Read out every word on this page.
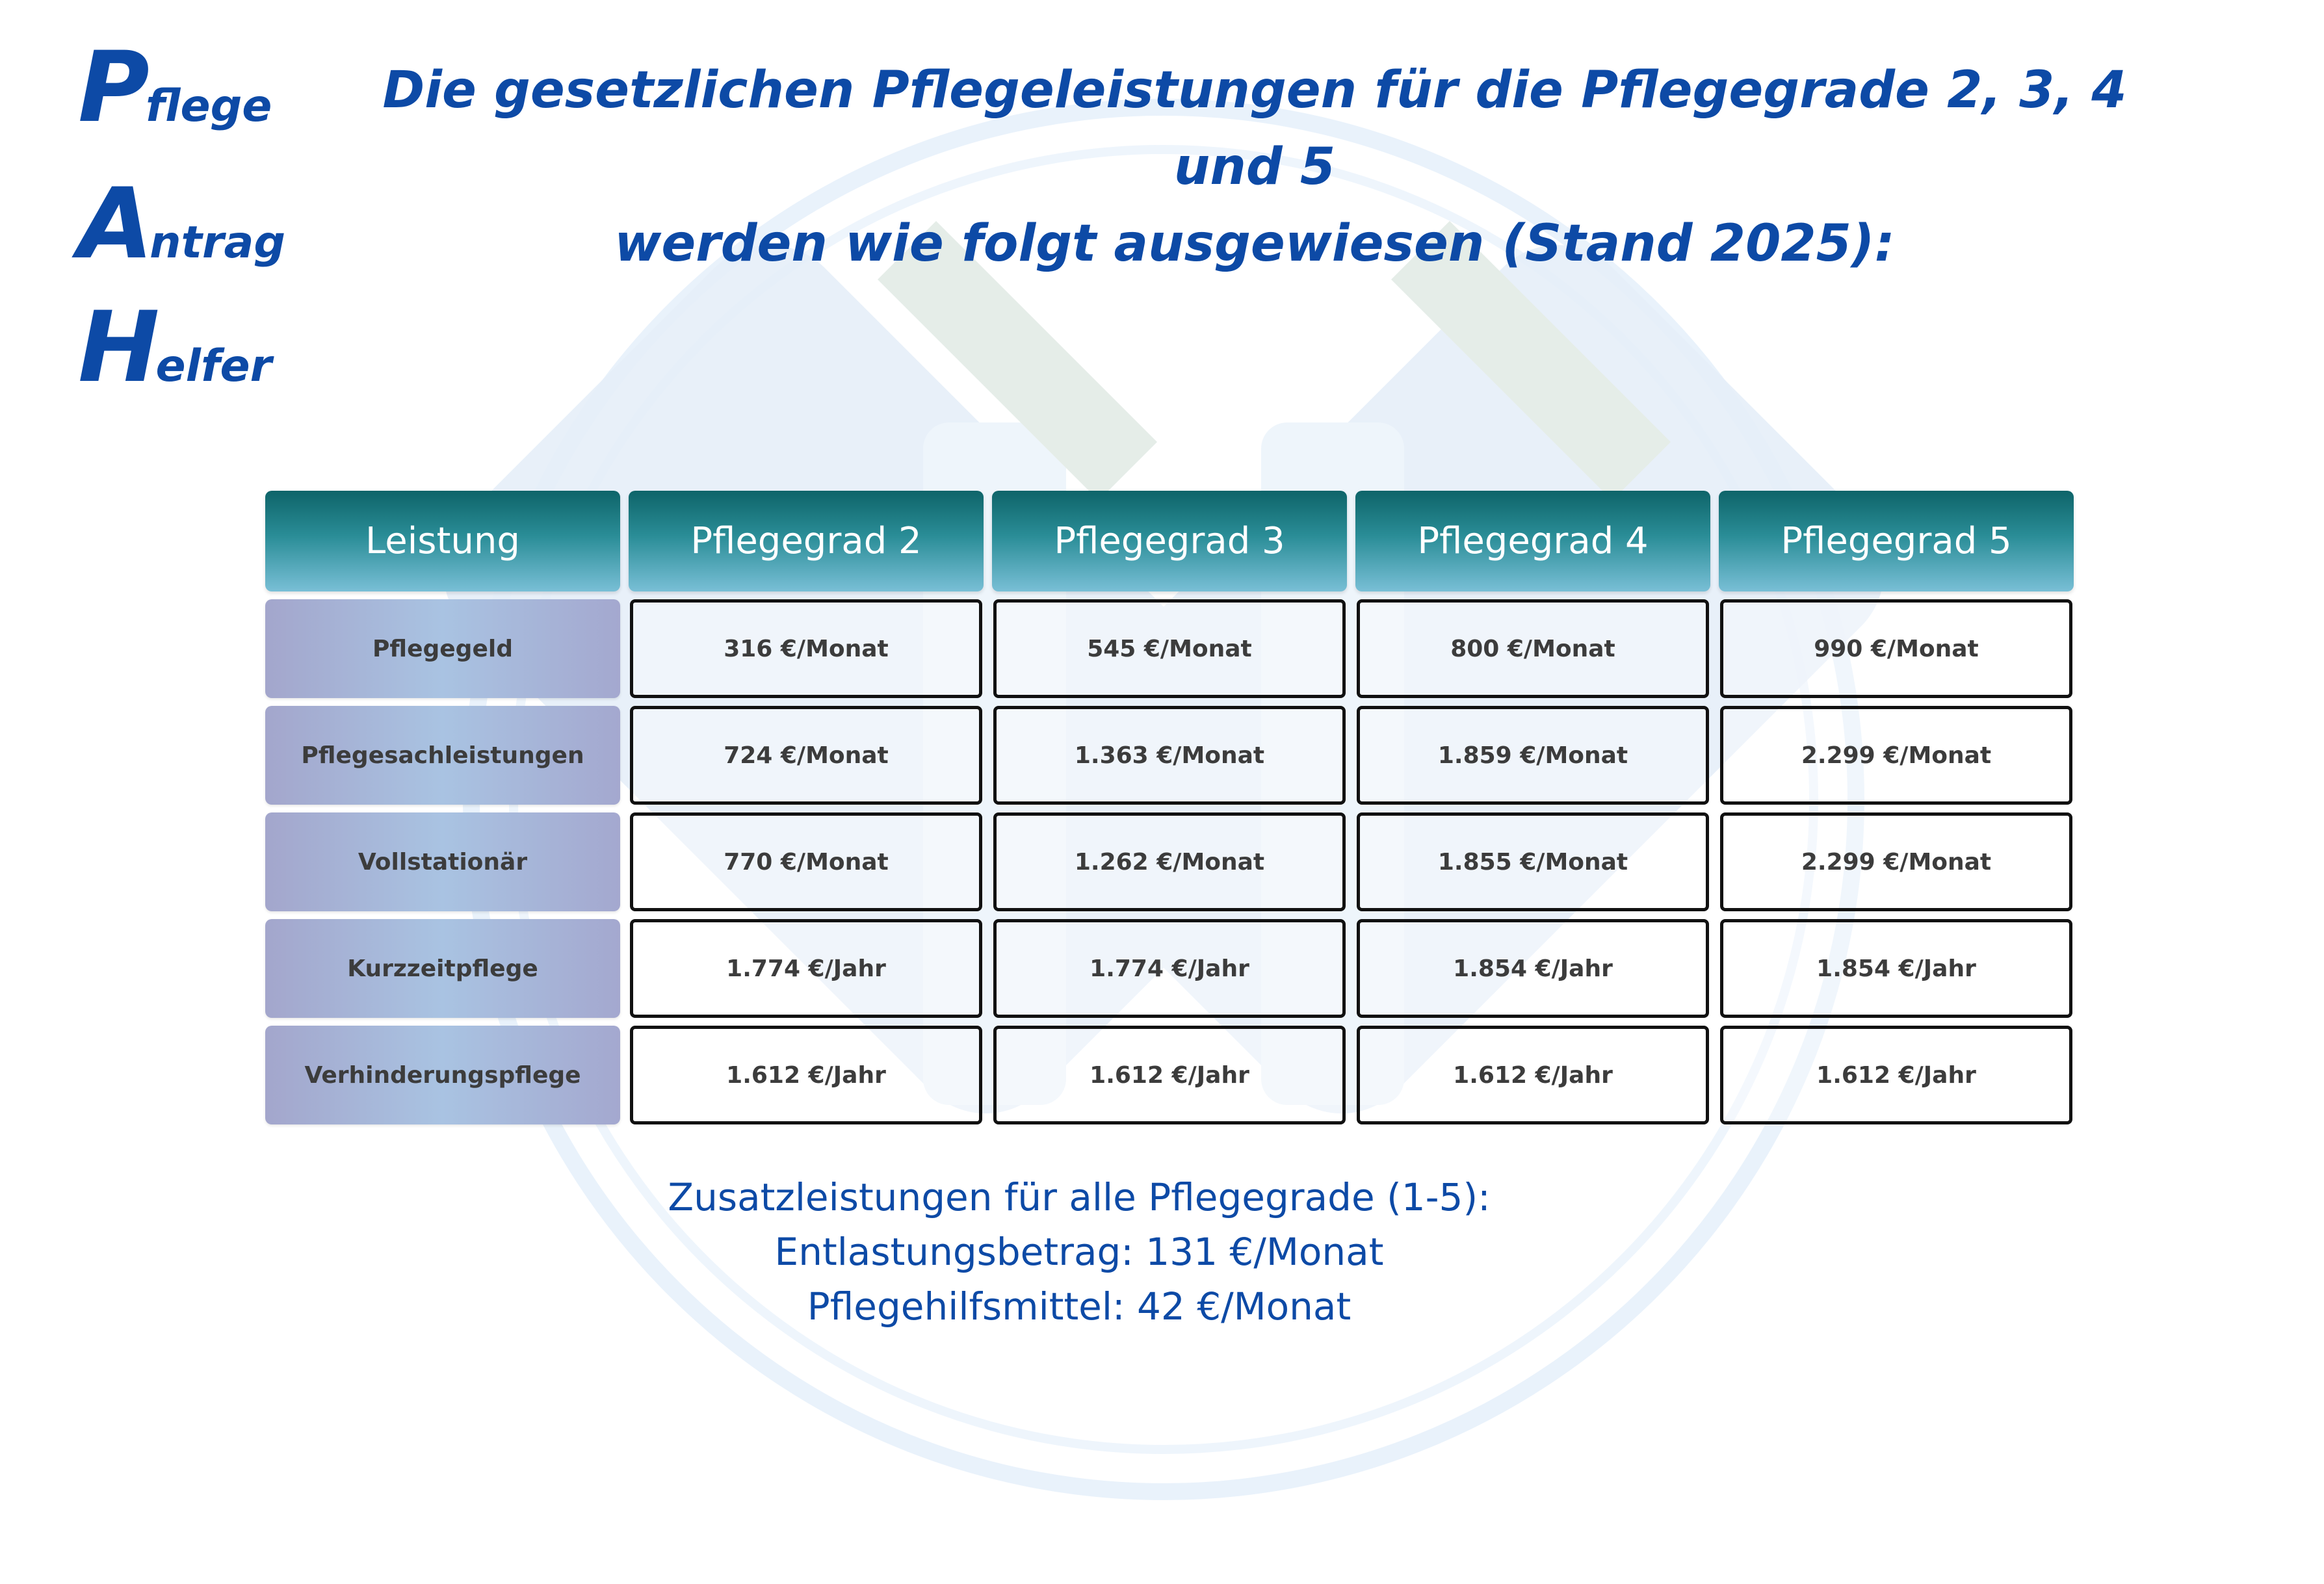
Pflege
Antrag
Helfer
Die gesetzlichen Pflegeleistungen für die Pflegegrade 2, 3, 4 und 5
werden wie folgt ausgewiesen (Stand 2025):
Leistung	Pflegegrad 2	Pflegegrad 3	Pflegegrad 4	Pflegegrad 5
Pflegegeld	316 €/Monat	545 €/Monat	800 €/Monat	990 €/Monat
Pflegesachleistungen	724 €/Monat	1.363 €/Monat	1.859 €/Monat	2.299 €/Monat
Vollstationär	770 €/Monat	1.262 €/Monat	1.855 €/Monat	2.299 €/Monat
Kurzzeitpflege	1.774 €/Jahr	1.774 €/Jahr	1.854 €/Jahr	1.854 €/Jahr
Verhinderungspflege	1.612 €/Jahr	1.612 €/Jahr	1.612 €/Jahr	1.612 €/Jahr
Zusatzleistungen für alle Pflegegrade (1-5):
Entlastungsbetrag: 131 €/Monat
Pflegehilfsmittel: 42 €/Monat
